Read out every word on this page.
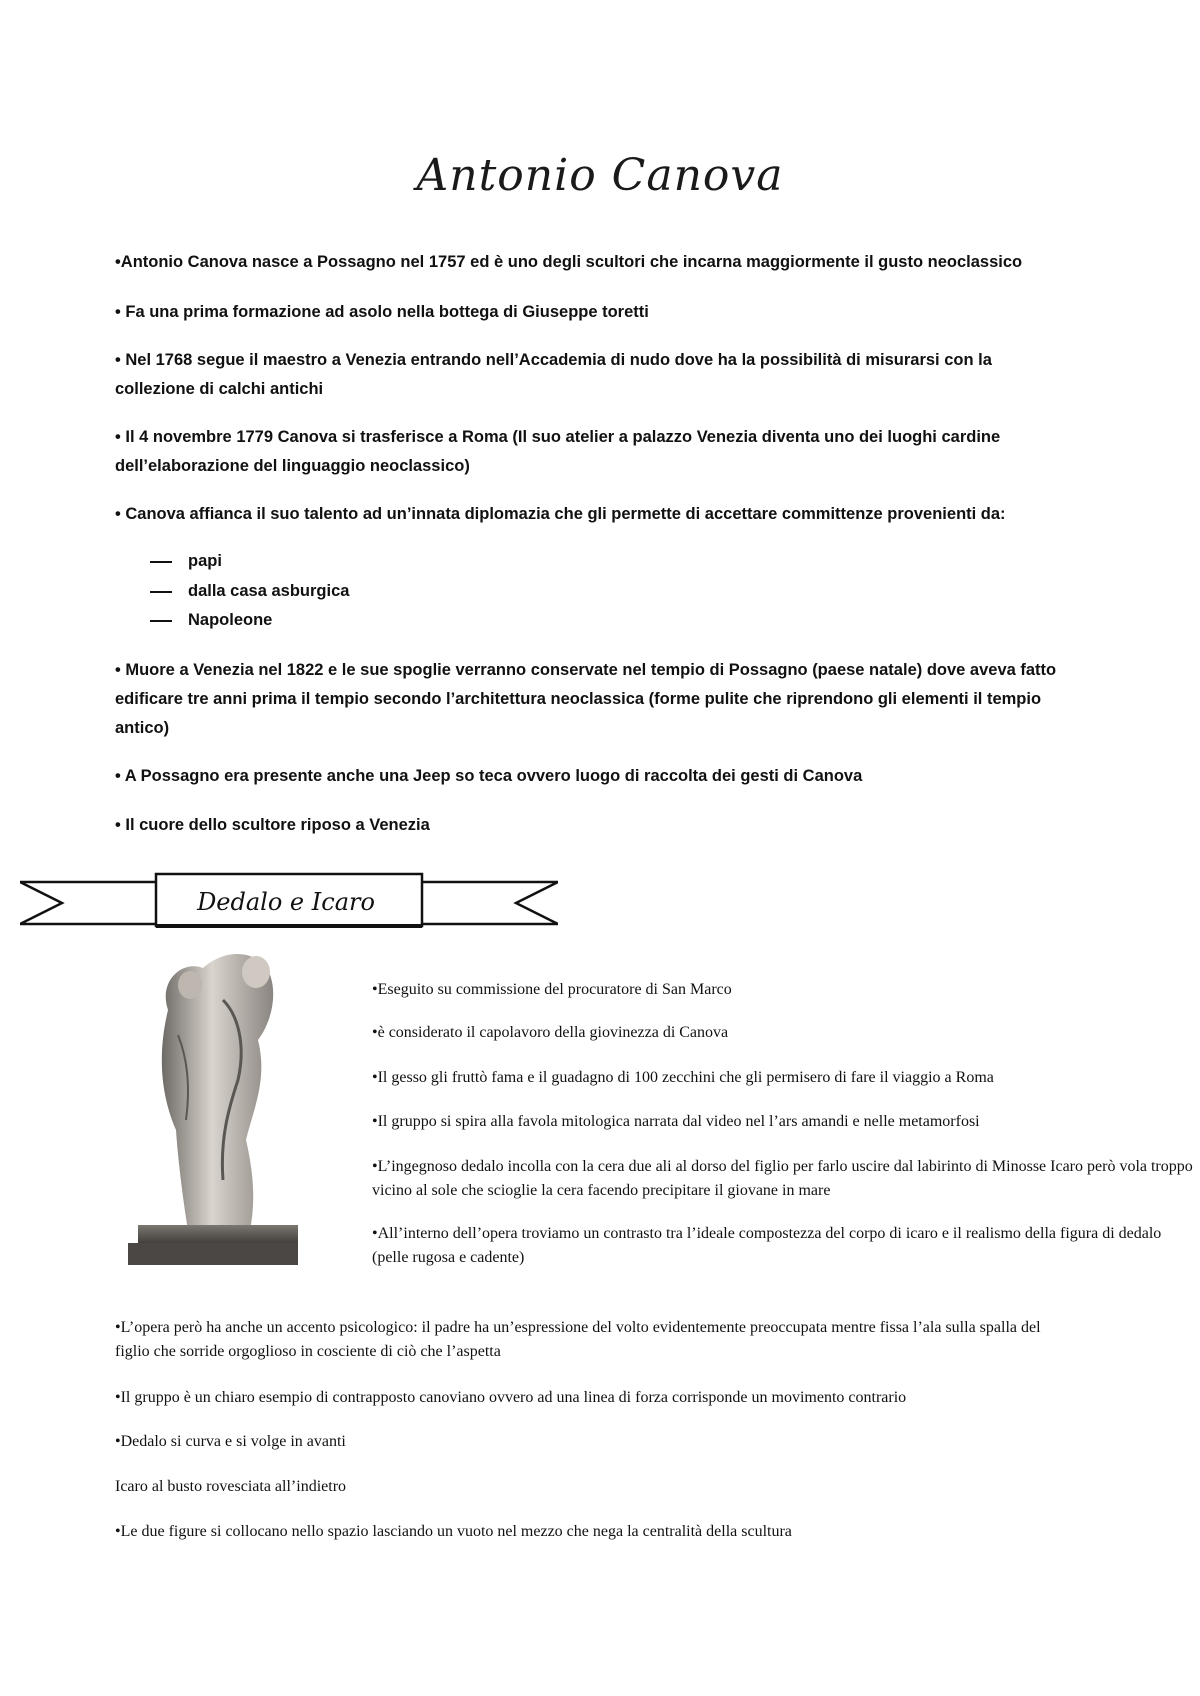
Antonio Canova

•Antonio Canova nasce a Possagno nel 1757 ed è uno degli scultori che incarna maggiormente il gusto neoclassico

• Fa una prima formazione ad asolo nella bottega di Giuseppe toretti

• Nel 1768 segue il maestro a Venezia entrando nell’Accademia di nudo dove ha la possibilità di misurarsi con la collezione di calchi antichi

• Il 4 novembre 1779 Canova si trasferisce a Roma (Il suo atelier a palazzo Venezia diventa uno dei luoghi cardine dell’elaborazione del linguaggio neoclassico)

• Canova affianca il suo talento ad un’innata diplomazia che gli permette di accettare committenze provenienti da:

papi
dalla casa asburgica
Napoleone

• Muore a Venezia nel 1822 e le sue spoglie verranno conservate nel tempio di Possagno (paese natale) dove aveva fatto edificare tre anni prima il tempio secondo l’architettura neoclassica (forme pulite che riprendono gli elementi il tempio antico)

• A Possagno era presente anche una Jeep so teca ovvero luogo di raccolta dei gesti di Canova

• Il cuore dello scultore riposo a Venezia

Dedalo e Icaro

•Eseguito su commissione del procuratore di San Marco

•è considerato il capolavoro della giovinezza di Canova

•Il gesso gli fruttò fama e il guadagno di 100 zecchini che gli permisero di fare il viaggio a Roma

•Il gruppo si spira alla favola mitologica narrata dal video nel l’ars amandi e nelle metamorfosi

•L’ingegnoso dedalo incolla con la cera due ali al dorso del figlio per farlo uscire dal labirinto di Minosse Icaro però vola troppo vicino al sole che scioglie la cera facendo precipitare il giovane in mare

•All’interno dell’opera troviamo un contrasto tra l’ideale compostezza del corpo di icaro e il realismo della figura di dedalo (pelle rugosa e cadente)

•L’opera però ha anche un accento psicologico: il padre ha un’espressione del volto evidentemente preoccupata mentre fissa l’ala sulla spalla del figlio che sorride orgoglioso in cosciente di ciò che l’aspetta

•Il gruppo è un chiaro esempio di contrapposto canoviano ovvero ad una linea di forza corrisponde un movimento contrario

•Dedalo si curva e si volge in avanti

Icaro al busto rovesciata all’indietro

•Le due figure si collocano nello spazio lasciando un vuoto nel mezzo che nega la centralità della scultura
